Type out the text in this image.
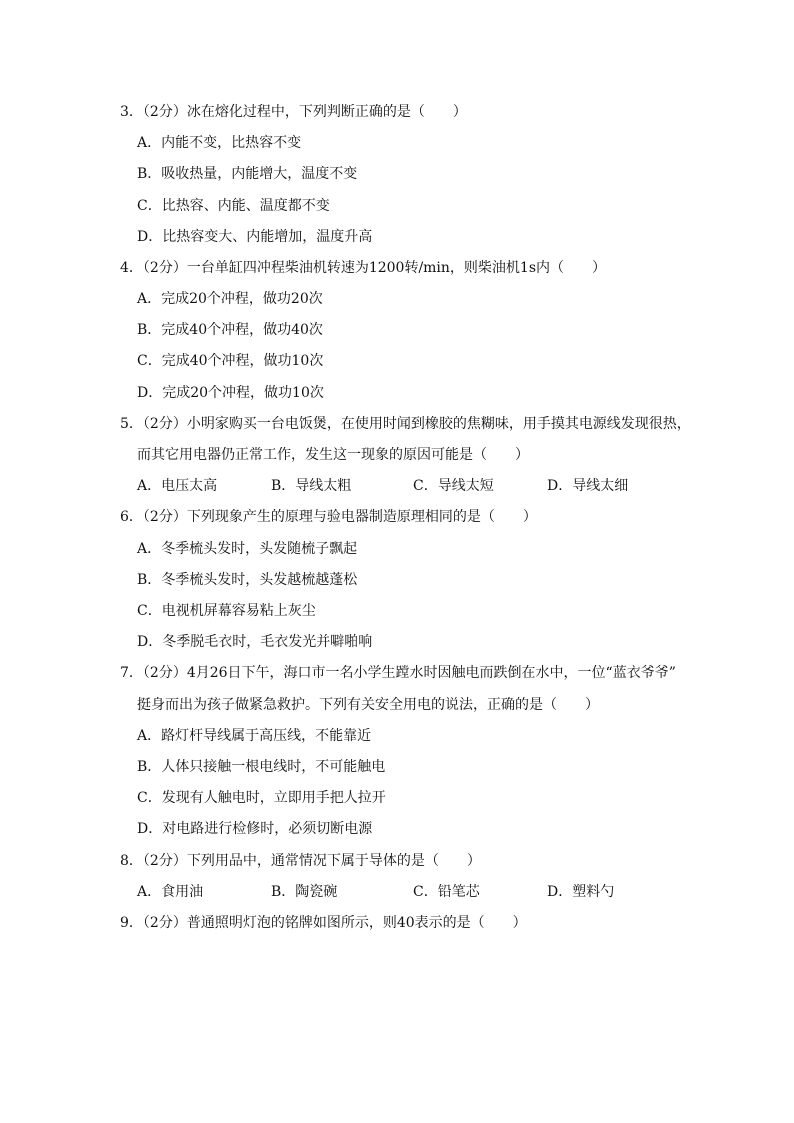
3．（2分）冰在熔化过程中，下列判断正确的是（　　）
A．内能不变，比热容不变
B．吸收热量，内能增大，温度不变
C．比热容、内能、温度都不变
D．比热容变大、内能增加，温度升高
4．（2分）一台单缸四冲程柴油机转速为1200转/min，则柴油机1s内（　　）
B．完成40个冲程，做功40次
A．完成20个冲程，做功20次
C．完成40个冲程，做功10次
D．完成20个冲程，做功10次
5．（2分）小明家购买一台电饭煲，在使用时闻到橡胶的焦糊味，用手摸其电源线发现很热，
而其它用电器仍正常工作，发生这一现象的原因可能是（　　）
A．电压太高	B．导线太粗	C．导线太短	D．导线太细
6．（2分）下列现象产生的原理与验电器制造原理相同的是（　　）
A．冬季梳头发时，头发随梳子飘起
B．冬季梳头发时，头发越梳越蓬松
C．电视机屏幕容易粘上灰尘
D．冬季脱毛衣时，毛衣发光并噼啪响
7．（2分）4月26日下午，海口市一名小学生蹚水时因触电而跌倒在水中，一位“蓝衣爷爷”
挺身而出为孩子做紧急救护。下列有关安全用电的说法，正确的是（　　）
A．路灯杆导线属于高压线，不能靠近
B．人体只接触一根电线时，不可能触电
C．发现有人触电时，立即用手把人拉开
D．对电路进行检修时，必须切断电源
8．（2分）下列用品中，通常情况下属于导体的是（　　）
A．食用油	B．陶瓷碗	C．铅笔芯	D．塑料勺
9．（2分）普通照明灯泡的铭牌如图所示，则40表示的是（　　）
